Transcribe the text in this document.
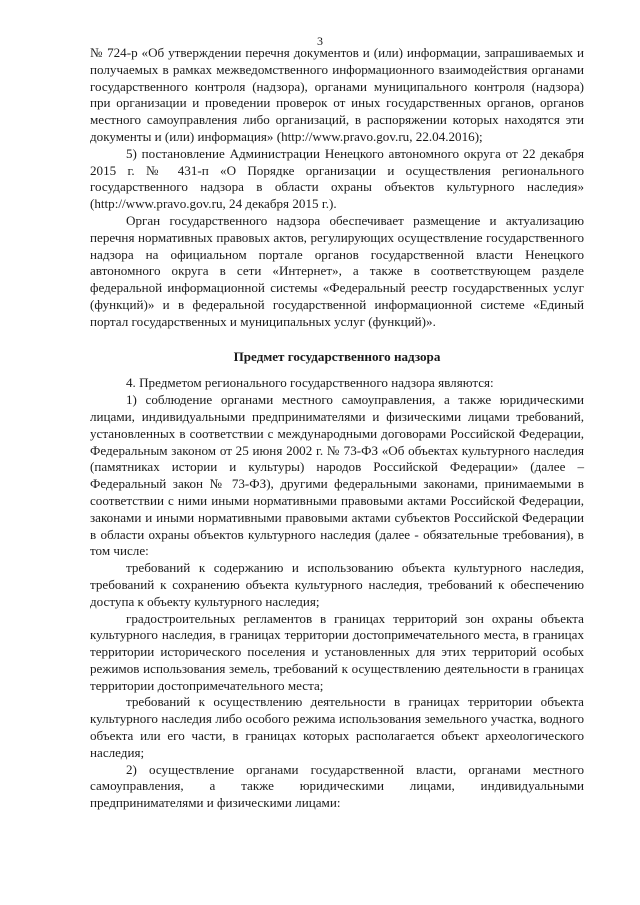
3

№ 724-р «Об утверждении перечня документов и (или) информации, запрашиваемых и получаемых в рамках межведомственного информационного взаимодействия органами государственного контроля (надзора), органами муниципального контроля (надзора) при организации и проведении проверок от иных государственных органов, органов местного самоуправления либо организаций, в распоряжении которых находятся эти документы и (или) информация» (http://www.pravo.gov.ru, 22.04.2016);

5) постановление Администрации Ненецкого автономного округа от 22 декабря 2015 г. № 431-п «О Порядке организации и осуществления регионального государственного надзора в области охраны объектов культурного наследия» (http://www.pravo.gov.ru, 24 декабря 2015 г.).

Орган государственного надзора обеспечивает размещение и актуализацию перечня нормативных правовых актов, регулирующих осуществление государственного надзора на официальном портале органов государственной власти Ненецкого автономного округа в сети «Интернет», а также в соответствующем разделе федеральной информационной системы «Федеральный реестр государственных услуг (функций)» и в федеральной государственной информационной системе «Единый портал государственных и муниципальных услуг (функций)».

Предмет государственного надзора

4. Предметом регионального государственного надзора являются:

1) соблюдение органами местного самоуправления, а также юридическими лицами, индивидуальными предпринимателями и физическими лицами требований, установленных в соответствии с международными договорами Российской Федерации, Федеральным законом от 25 июня 2002 г. № 73-ФЗ «Об объектах культурного наследия (памятниках истории и культуры) народов Российской Федерации» (далее – Федеральный закон № 73-ФЗ), другими федеральными законами, принимаемыми в соответствии с ними иными нормативными правовыми актами Российской Федерации, законами и иными нормативными правовыми актами субъектов Российской Федерации в области охраны объектов культурного наследия (далее - обязательные требования), в том числе:

требований к содержанию и использованию объекта культурного наследия, требований к сохранению объекта культурного наследия, требований к обеспечению доступа к объекту культурного наследия;

градостроительных регламентов в границах территорий зон охраны объекта культурного наследия, в границах территории достопримечательного места, в границах территории исторического поселения и установленных для этих территорий особых режимов использования земель, требований к осуществлению деятельности в границах территории достопримечательного места;

требований к осуществлению деятельности в границах территории объекта культурного наследия либо особого режима использования земельного участка, водного объекта или его части, в границах которых располагается объект археологического наследия;

2) осуществление органами государственной власти, органами местного самоуправления, а также юридическими лицами, индивидуальными предпринимателями и физическими лицами:
